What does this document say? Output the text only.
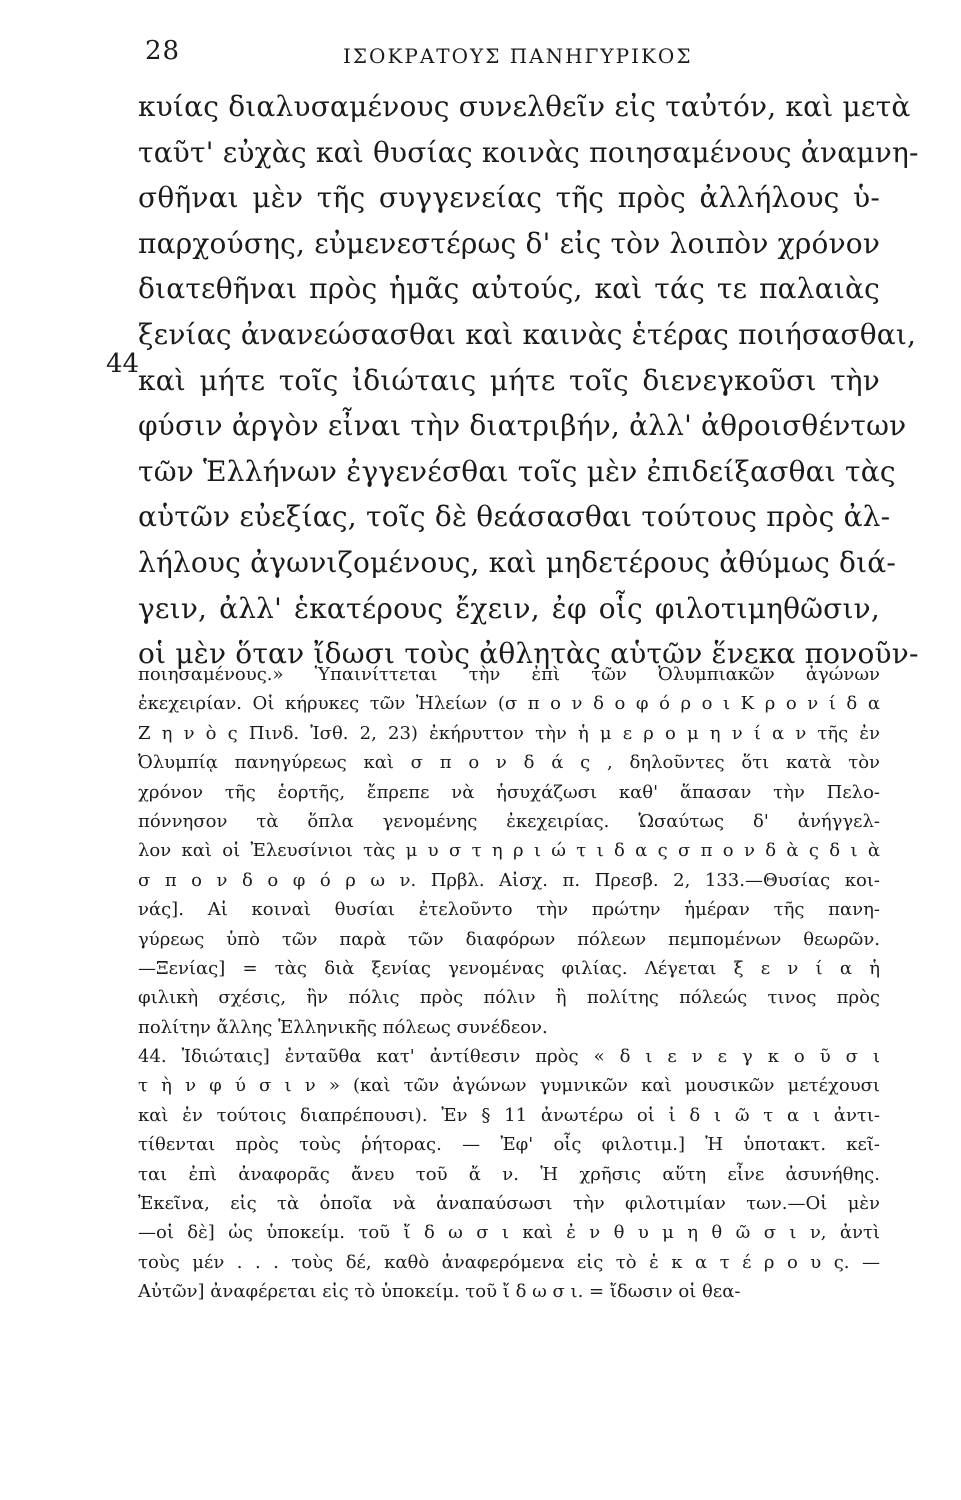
28	ΙΣΟΚΡΑΤΟΥΣ ΠΑΝΗΓΥΡΙΚΟΣ
44
κυίας διαλυσαμένους συνελθεῖν εἰς ταὐτόν, καὶ μετὰ
ταῦτ' εὐχὰς καὶ θυσίας κοινὰς ποιησαμένους ἀναμνη-
σθῆναι μὲν τῆς συγγενείας τῆς πρὸς ἀλλήλους ὑ-
παρχούσης, εὐμενεστέρως δ' εἰς τὸν λοιπὸν χρόνον
διατεθῆναι πρὸς ἡμᾶς αὐτούς, καὶ τάς τε παλαιὰς
ξενίας ἀνανεώσασθαι καὶ καινὰς ἑτέρας ποιήσασθαι,
καὶ μήτε τοῖς ἰδιώταις μήτε τοῖς διενεγκοῦσι τὴν
φύσιν ἀργὸν εἶναι τὴν διατριβήν, ἀλλ' ἀθροισθέντων
τῶν Ἑλλήνων ἐγγενέσθαι τοῖς μὲν ἐπιδείξασθαι τὰς
αὑτῶν εὐεξίας, τοῖς δὲ θεάσασθαι τούτους πρὸς ἀλ-
λήλους ἀγωνιζομένους, καὶ μηδετέρους ἀθύμως διά-
γειν, ἀλλ' ἑκατέρους ἔχειν, ἐφ οἷς φιλοτιμηθῶσιν,
οἱ μὲν ὅταν ἴδωσι τοὺς ἀθλητὰς αὑτῶν ἕνεκα πονοῦν-
ποιησαμένους.» Ὑπαινίττεται τὴν ἐπὶ τῶν Ὀλυμπιακῶν ἀγώνων
ἐκεχειρίαν. Οἱ κήρυκες τῶν Ἠλείων (σ π ο ν δ ο φ ό ρ ο ι Κ ρ ο ν ί δ α
Ζ η ν ὸ ς Πινδ. Ἰσθ. 2, 23) ἐκήρυττον τὴν ἡ μ ε ρ ο μ η ν ί α ν τῆς ἐν
Ὀλυμπίᾳ πανηγύρεως καὶ σ π ο ν δ ά ς , δηλοῦντες ὅτι κατὰ τὸν
χρόνον τῆς ἑορτῆς, ἔπρεπε νὰ ἡσυχάζωσι καθ' ἅπασαν τὴν Πελο-
πόννησον τὰ ὅπλα γενομένης ἐκεχειρίας. Ὡσαύτως δ' ἀνήγγελ-
λον καὶ οἱ Ἐλευσίνιοι τὰς μ υ σ τ η ρ ι ώ τ ι δ α ς σ π ο ν δ ὰ ς δ ι ὰ
σ π ο ν δ ο φ ό ρ ω ν. Πρβλ. Αἰσχ. π. Πρεσβ. 2, 133.—Θυσίας κοι-
νάς]. Αἱ κοιναὶ θυσίαι ἐτελοῦντο τὴν πρώτην ἡμέραν τῆς πανη-
γύρεως ὑπὸ τῶν παρὰ τῶν διαφόρων πόλεων πεμπομένων θεωρῶν.
—Ξενίας] = τὰς διὰ ξενίας γενομένας φιλίας. Λέγεται ξ ε ν ί α ἡ
φιλικὴ σχέσις, ἣν πόλις πρὸς πόλιν ἢ πολίτης πόλεώς τινος πρὸς
πολίτην ἄλλης Ἑλληνικῆς πόλεως συνέδεον.
44. Ἰδιώταις] ἐνταῦθα κατ' ἀντίθεσιν πρὸς « δ ι ε ν ε γ κ ο ῦ σ ι
τ ὴ ν φ ύ σ ι ν » (καὶ τῶν ἀγώνων γυμνικῶν καὶ μουσικῶν μετέχουσι
καὶ ἐν τούτοις διαπρέπουσι). Ἐν § 11 ἀνωτέρω οἱ ἰ δ ι ῶ τ α ι ἀντι-
τίθενται πρὸς τοὺς ῥήτορας. — Ἐφ' οἷς φιλοτιμ.] Ἡ ὑποτακτ. κεῖ-
ται ἐπὶ ἀναφορᾶς ἄνευ τοῦ ἄ ν. Ἡ χρῆσις αὕτη εἶνε ἀσυνήθης.
Ἐκεῖνα, εἰς τὰ ὁποῖα νὰ ἀναπαύσωσι τὴν φιλοτιμίαν των.—Οἱ μὲν
—οἱ δὲ] ὡς ὑποκείμ. τοῦ ἴ δ ω σ ι καὶ ἐ ν θ υ μ η θ ῶ σ ι ν, ἀντὶ
τοὺς μέν . . . τοὺς δέ, καθὸ ἀναφερόμενα εἰς τὸ ἑ κ α τ έ ρ ο υ ς. —
Αὐτῶν] ἀναφέρεται εἰς τὸ ὑποκείμ. τοῦ ἴ δ ω σ ι. = ἴδωσιν οἱ θεα-
